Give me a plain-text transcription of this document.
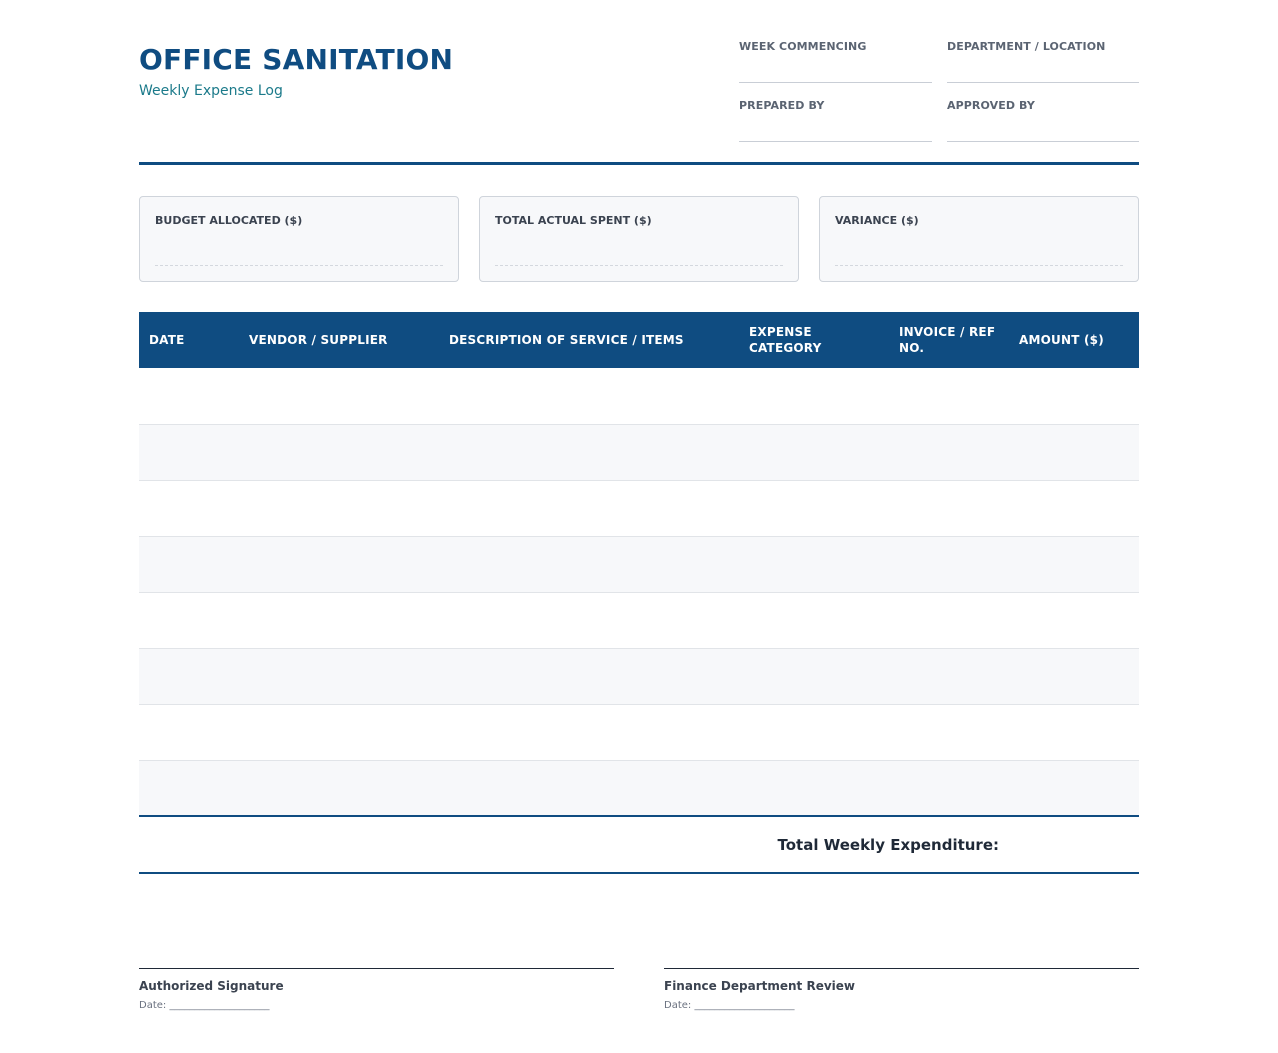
OFFICE SANITATION
Weekly Expense Log
WEEK COMMENCING	DEPARTMENT / LOCATION
PREPARED BY	APPROVED BY
BUDGET ALLOCATED ($)	TOTAL ACTUAL SPENT ($)	VARIANCE ($)
DATE	VENDOR / SUPPLIER	DESCRIPTION OF SERVICE / ITEMS	EXPENSE CATEGORY	INVOICE / REF NO.	AMOUNT ($)

Total Weekly Expenditure:
Authorized Signature
Date: ____________________
Finance Department Review
Date: ____________________
